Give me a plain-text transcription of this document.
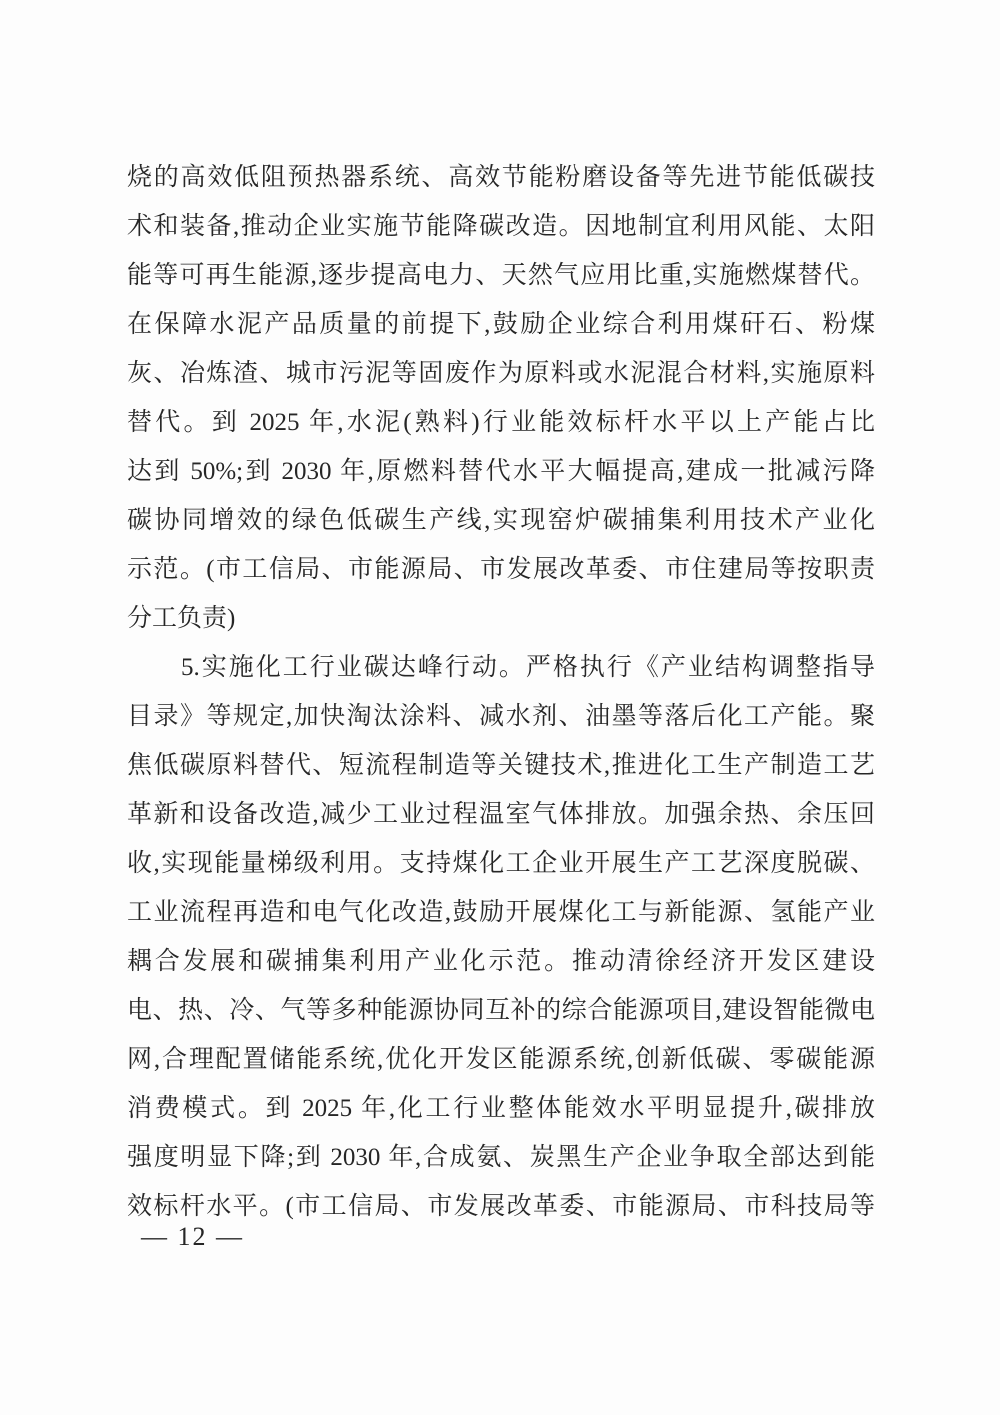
烧的高效低阻预热器系统、高效节能粉磨设备等先进节能低碳技
术和装备,推动企业实施节能降碳改造。因地制宜利用风能、太阳
能等可再生能源,逐步提高电力、天然气应用比重,实施燃煤替代。
在保障水泥产品质量的前提下,鼓励企业综合利用煤矸石、粉煤
灰、冶炼渣、城市污泥等固废作为原料或水泥混合材料,实施原料
替代。到 2025 年,水泥(熟料)行业能效标杆水平以上产能占比
达到 50%;到 2030 年,原燃料替代水平大幅提高,建成一批减污降
碳协同增效的绿色低碳生产线,实现窑炉碳捕集利用技术产业化
示范。(市工信局、市能源局、市发展改革委、市住建局等按职责
分工负责)
5.实施化工行业碳达峰行动。严格执行《产业结构调整指导
目录》等规定,加快淘汰涂料、减水剂、油墨等落后化工产能。聚
焦低碳原料替代、短流程制造等关键技术,推进化工生产制造工艺
革新和设备改造,减少工业过程温室气体排放。加强余热、余压回
收,实现能量梯级利用。支持煤化工企业开展生产工艺深度脱碳、
工业流程再造和电气化改造,鼓励开展煤化工与新能源、氢能产业
耦合发展和碳捕集利用产业化示范。推动清徐经济开发区建设
电、热、冷、气等多种能源协同互补的综合能源项目,建设智能微电
网,合理配置储能系统,优化开发区能源系统,创新低碳、零碳能源
消费模式。到 2025 年,化工行业整体能效水平明显提升,碳排放
强度明显下降;到 2030 年,合成氨、炭黑生产企业争取全部达到能
效标杆水平。(市工信局、市发展改革委、市能源局、市科技局等
— 12 —
